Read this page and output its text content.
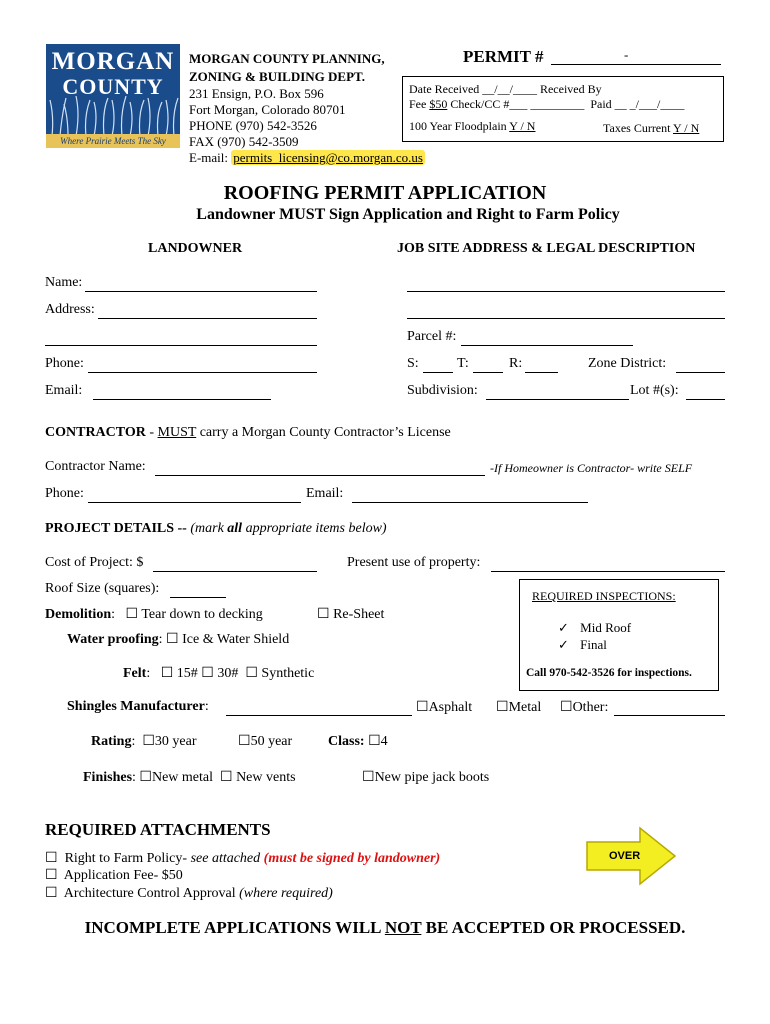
MORGAN
COUNTY
Where Prairie Meets The Sky
MORGAN COUNTY PLANNING,
ZONING & BUILDING DEPT.
231 Ensign, P.O. Box 596
Fort Morgan, Colorado 80701
PHONE (970) 542-3526
FAX (970) 542-3509
E-mail: permits_licensing@co.morgan.co.us
PERMIT #	-
Date Received __/__/____ Received By
Fee $50 Check/CC #___ _________  Paid __ _/___/____
100 Year Floodplain Y / N	Taxes Current Y / N
ROOFING PERMIT APPLICATION
Landowner MUST Sign Application and Right to Farm Policy
LANDOWNER	JOB SITE ADDRESS & LEGAL DESCRIPTION
Name:
Address:
Parcel #:
Phone:	S:	T:	R:	Zone District:
Email:	Subdivision:	Lot #(s):
CONTRACTOR - MUST carry a Morgan County Contractor’s License
Contractor Name:	-If Homeowner is Contractor- write SELF
Phone:	Email:
PROJECT DETAILS -- (mark all appropriate items below)
Cost of Project: $	Present use of property:
Roof Size (squares):	REQUIRED INSPECTIONS:
✓ Mid Roof
✓ Final
Call 970-542-3526 for inspections.
Demolition:   ☐ Tear down to decking	☐ Re-Sheet
Water proofing: ☐ Ice & Water Shield
Felt:   ☐ 15# ☐ 30# ☐ Synthetic
Shingles Manufacturer:	☐Asphalt ☐Metal ☐Other:
Rating:  ☐30 year	☐50 year	Class: ☐4
Finishes: ☐New metal ☐ New vents	☐New pipe jack boots
REQUIRED ATTACHMENTS
☐ Right to Farm Policy- see attached (must be signed by landowner)
☐ Application Fee- $50
☐ Architecture Control Approval (where required)
OVER
INCOMPLETE APPLICATIONS WILL NOT BE ACCEPTED OR PROCESSED.
